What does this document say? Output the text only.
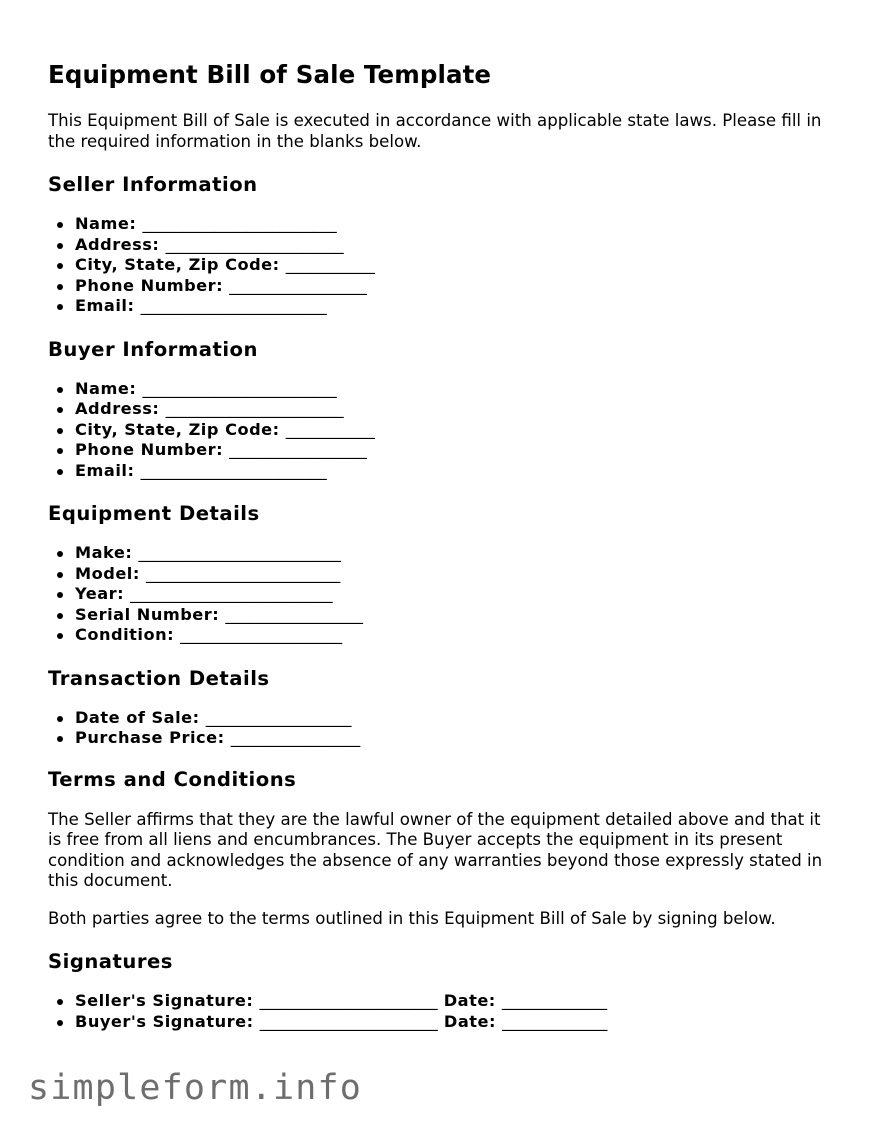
Equipment Bill of Sale Template

This Equipment Bill of Sale is executed in accordance with applicable state laws. Please fill in the required information in the blanks below.

Seller Information
Name: ________________________
Address: ______________________
City, State, Zip Code: ___________
Phone Number: _________________
Email: _______________________
Buyer Information
Name: ________________________
Address: ______________________
City, State, Zip Code: ___________
Phone Number: _________________
Email: _______________________
Equipment Details
Make: _________________________
Model: ________________________
Year: _________________________
Serial Number: _________________
Condition: ____________________
Transaction Details
Date of Sale: __________________
Purchase Price: ________________
Terms and Conditions

The Seller affirms that they are the lawful owner of the equipment detailed above and that it is free from all liens and encumbrances. The Buyer accepts the equipment in its present condition and acknowledges the absence of any warranties beyond those expressly stated in this document.

Both parties agree to the terms outlined in this Equipment Bill of Sale by signing below.

Signatures
Seller's Signature: ______________________ Date: _____________
Buyer's Signature: ______________________ Date: _____________
simpleform.info
